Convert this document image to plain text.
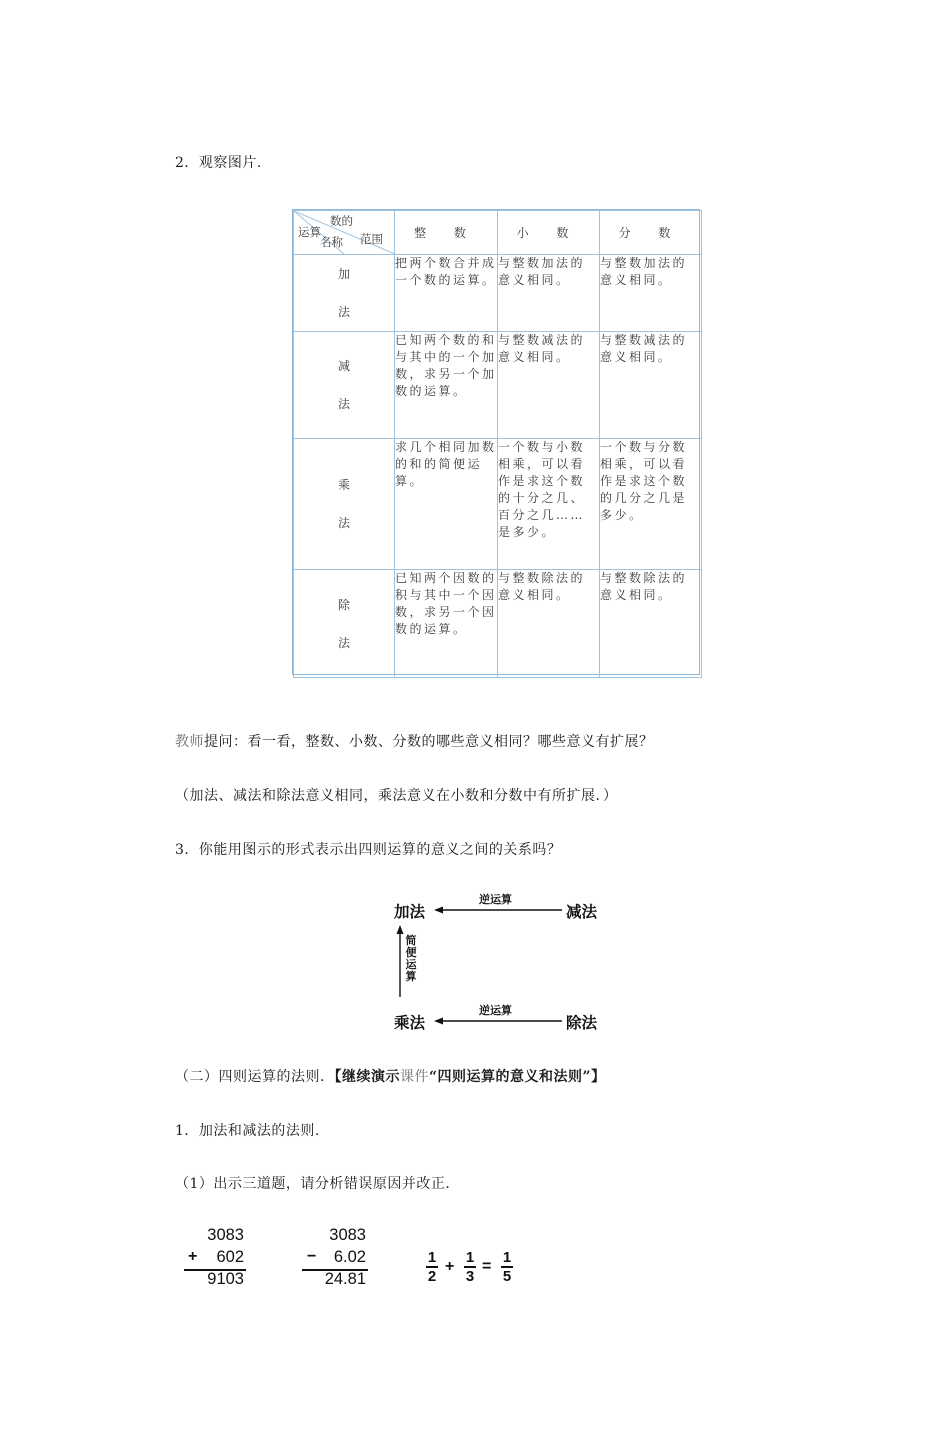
2．观察图片.
数的
名称
运算 范围	整 数	小 数	分 数

加
法	把两个数合并成一个数的运算。	与整数加法的意义相同。	与整数加法的意义相同。

减
法	已知两个数的和与其中的一个加数，求另一个加数的运算。	与整数减法的意义相同。	与整数减法的意义相同。

乘
法	求几个相同加数的和的简便运算。	一个数与小数相乘，可以看作是求这个数的十分之几、百分之几……是多少。	一个数与分数相乘，可以看作是求这个数的几分之几是多少。

除
法	已知两个因数的积与其中一个因数，求另一个因数的运算。	与整数除法的意义相同。	与整数除法的意义相同。
教师提问：看一看，整数、小数、分数的哪些意义相同？哪些意义有扩展？
（加法、减法和除法意义相同，乘法意义在小数和分数中有所扩展．）
3．你能用图示的形式表示出四则运算的意义之间的关系吗？
加法	减法
乘法	除法
逆运算
逆运算
简
便
运
算
（二）四则运算的法则．【继续演示课件“四则运算的意义和法则”】
1．加法和减法的法则.
（1）出示三道题，请分析错误原因并改正.
3083
602
+
9103
3083
6.02
−
24.81
1
2
+
1
3
=
1
5
